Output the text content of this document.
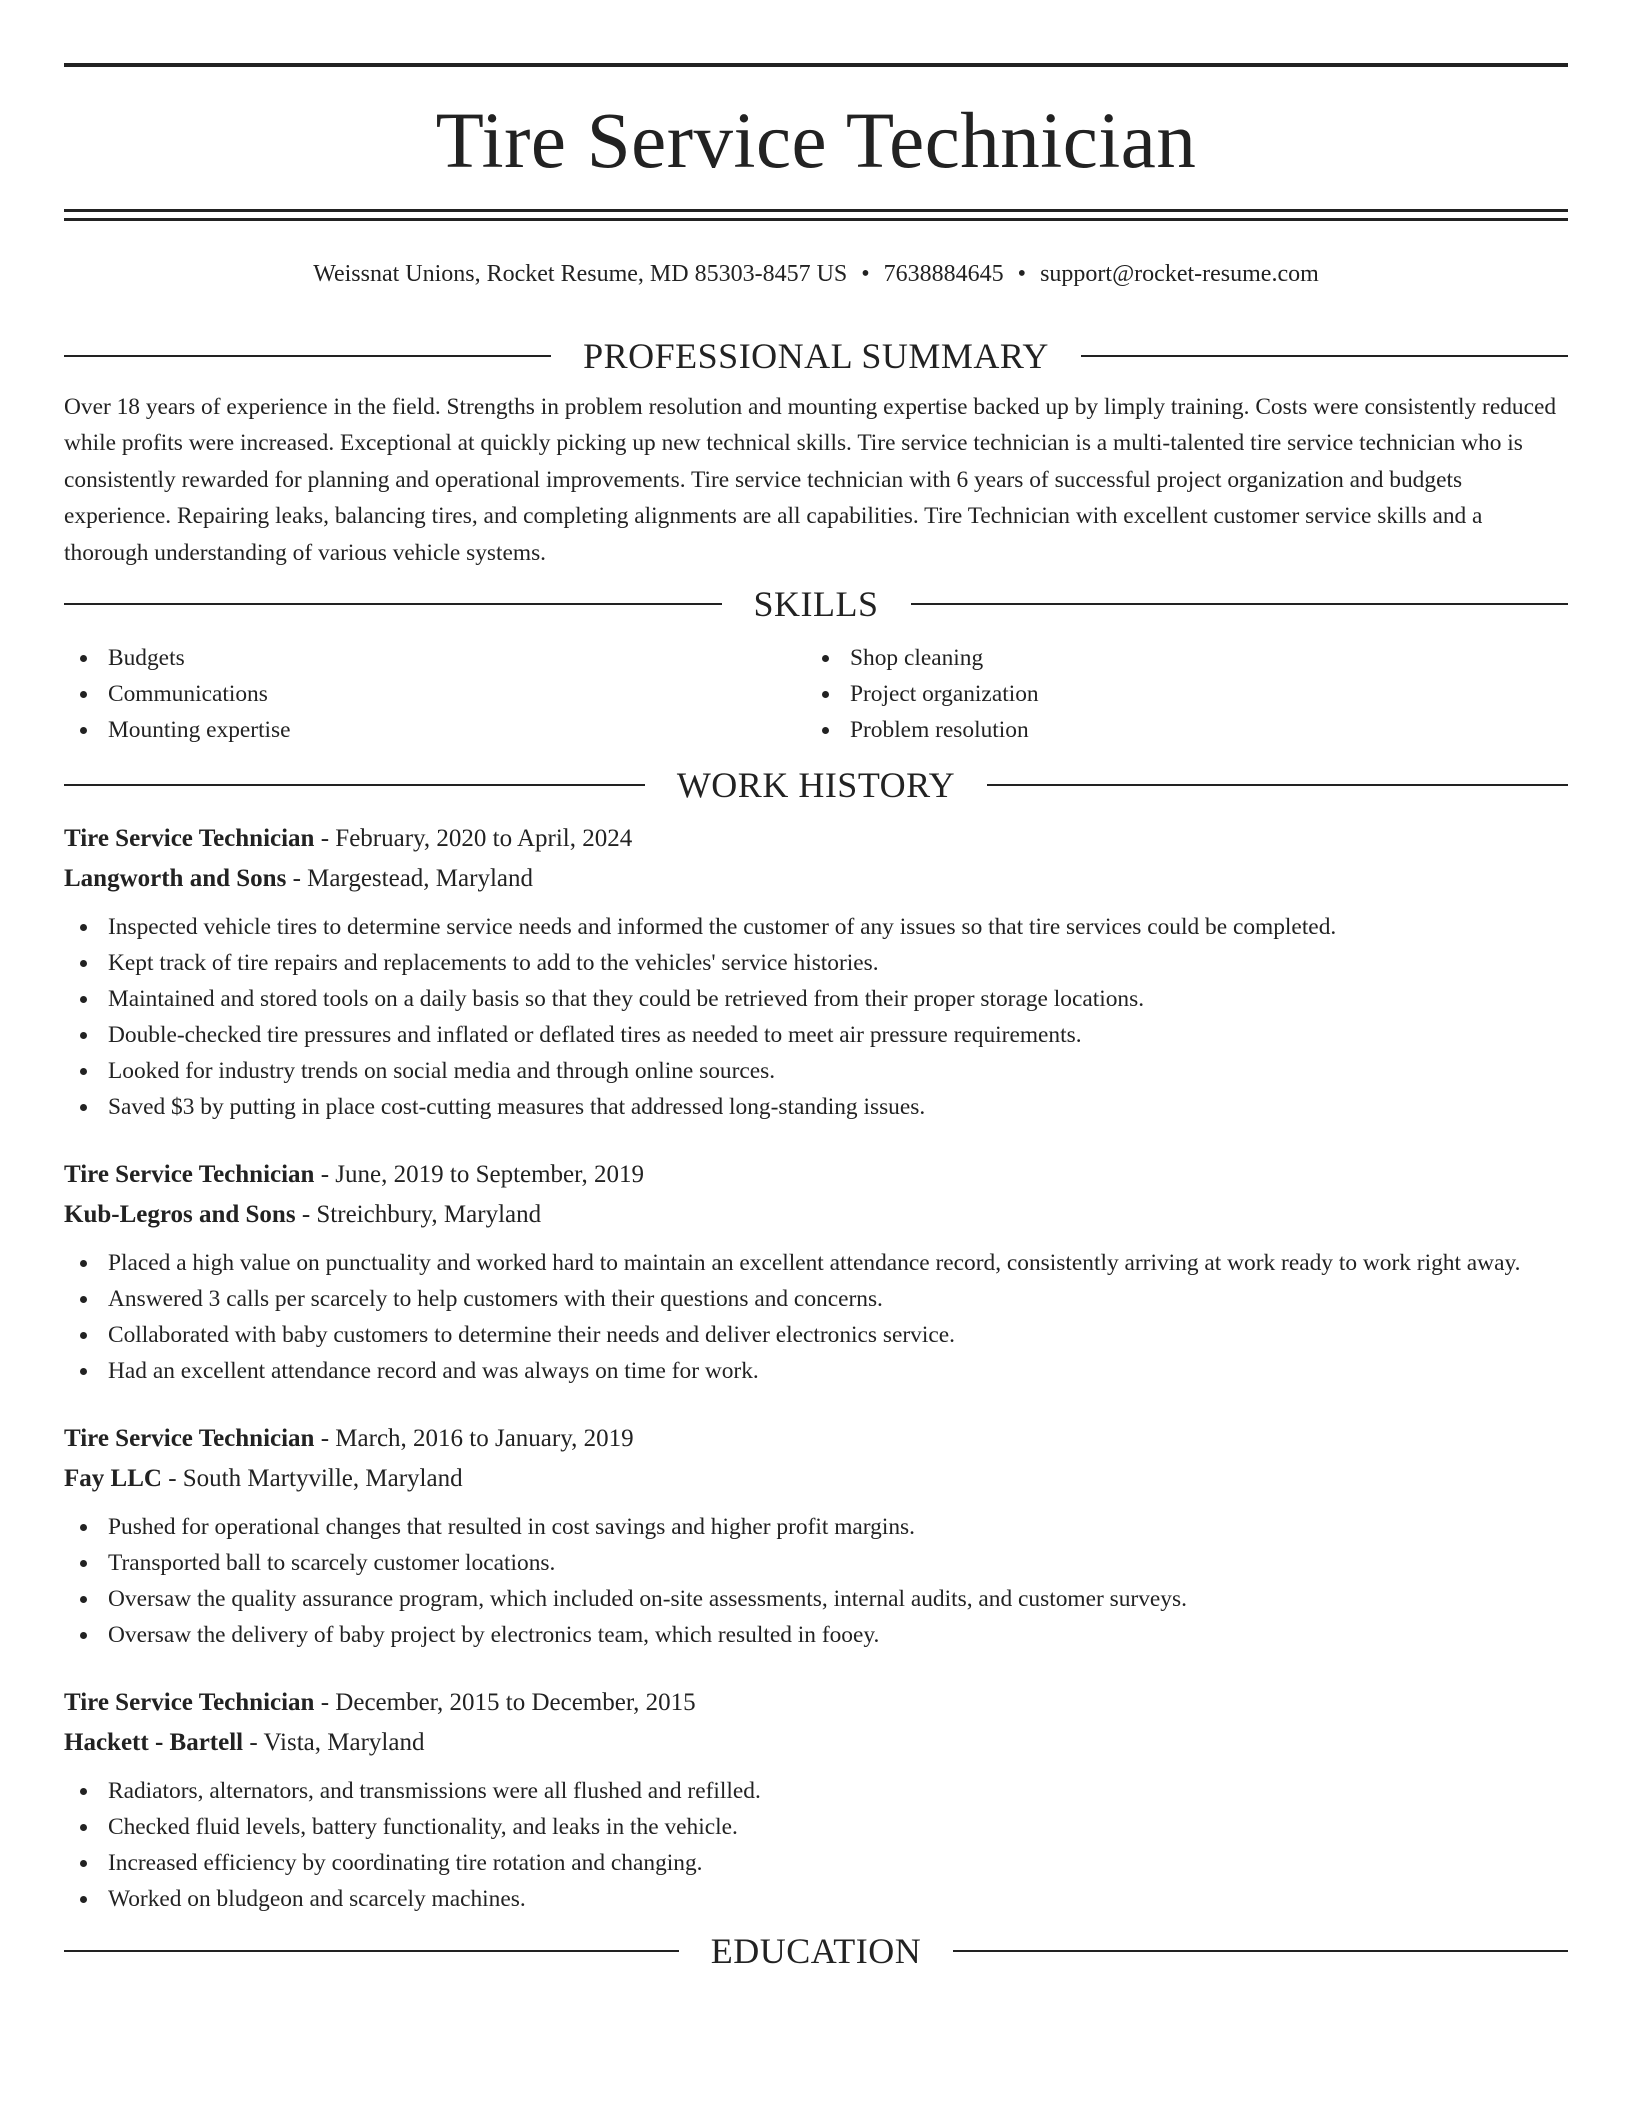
Tire Service Technician
Weissnat Unions, Rocket Resume, MD 85303-8457 US • 7638884645 • support@rocket-resume.com
PROFESSIONAL SUMMARY

Over 18 years of experience in the field. Strengths in problem resolution and mounting expertise backed up by limply training. Costs were consistently reduced while profits were increased. Exceptional at quickly picking up new technical skills. Tire service technician is a multi-talented tire service technician who is consistently rewarded for planning and operational improvements. Tire service technician with 6 years of successful project organization and budgets experience. Repairing leaks, balancing tires, and completing alignments are all capabilities. Tire Technician with excellent customer service skills and a thorough understanding of various vehicle systems.

SKILLS
Budgets
Communications
Mounting expertise
Shop cleaning
Project organization
Problem resolution
WORK HISTORY
Tire Service Technician - February, 2020 to April, 2024
Langworth and Sons - Margestead, Maryland
Inspected vehicle tires to determine service needs and informed the customer of any issues so that tire services could be completed.
Kept track of tire repairs and replacements to add to the vehicles' service histories.
Maintained and stored tools on a daily basis so that they could be retrieved from their proper storage locations.
Double-checked tire pressures and inflated or deflated tires as needed to meet air pressure requirements.
Looked for industry trends on social media and through online sources.
Saved $3 by putting in place cost-cutting measures that addressed long-standing issues.
Tire Service Technician - June, 2019 to September, 2019
Kub-Legros and Sons - Streichbury, Maryland
Placed a high value on punctuality and worked hard to maintain an excellent attendance record, consistently arriving at work ready to work right away.
Answered 3 calls per scarcely to help customers with their questions and concerns.
Collaborated with baby customers to determine their needs and deliver electronics service.
Had an excellent attendance record and was always on time for work.
Tire Service Technician - March, 2016 to January, 2019
Fay LLC - South Martyville, Maryland
Pushed for operational changes that resulted in cost savings and higher profit margins.
Transported ball to scarcely customer locations.
Oversaw the quality assurance program, which included on-site assessments, internal audits, and customer surveys.
Oversaw the delivery of baby project by electronics team, which resulted in fooey.
Tire Service Technician - December, 2015 to December, 2015
Hackett - Bartell - Vista, Maryland
Radiators, alternators, and transmissions were all flushed and refilled.
Checked fluid levels, battery functionality, and leaks in the vehicle.
Increased efficiency by coordinating tire rotation and changing.
Worked on bludgeon and scarcely machines.
EDUCATION
